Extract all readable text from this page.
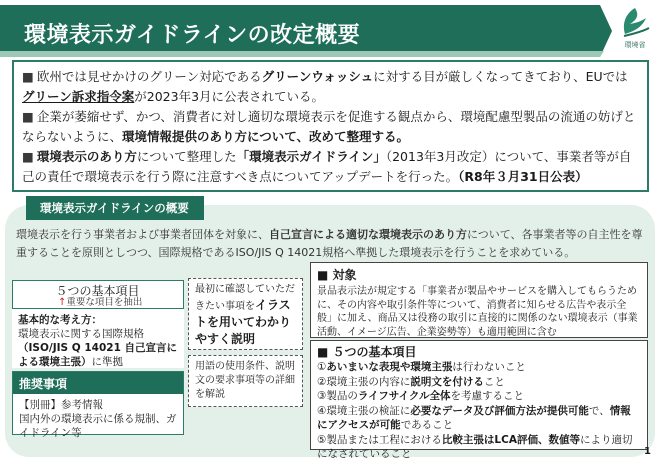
環境表示ガイドラインの改定概要	環境省
■ 欧州では見せかけのグリーン対応であるグリーンウォッシュに対する目が厳しくなってきており、EUではグリーン訴求指令案が2023年3月に公表されている。
■ 企業が萎縮せず、かつ、消費者に対し適切な環境表示を促進する観点から、環境配慮型製品の流通の妨げとならないように、環境情報提供のあり方について、改めて整理する。
■ 環境表示のあり方について整理した「環境表示ガイドライン」（2013年3月改定）について、事業者等が自己の責任で環境表示を行う際に注意すべき点についてアップデートを行った。（R8年３月31日公表）
環境表示ガイドラインの概要
環境表示を行う事業者および事業者団体を対象に、自己宣言による適切な環境表示のあり方について、各事業者等の自主性を尊重することを原則としつつ、国際規格であるISO/JIS Q 14021規格へ準拠した環境表示を行うことを求めている。
５つの基本項目
↑重要な項目を抽出
基本的な考え方：
環境表示に関する国際規格
（ISO/JIS Q 14021 自己宣言による環境主張）に準拠
推奨事項
【別冊】参考情報
国内外の環境表示に係る規制、ガイドライン等
最初に確認していただきたい事項をイラストを用いてわかりやすく説明
用語の使用条件、説明文の要求事項等の詳細を解説
■ 対象
景品表示法が規定する「事業者が製品やサービスを購入してもらうために、その内容や取引条件等について、消費者に知らせる広告や表示全般」に加え、商品又は役務の取引に直接的に関係のない環境表示（事業活動、イメージ広告、企業姿勢等）も適用範囲に含む
■ ５つの基本項目
①あいまいな表現や環境主張は行わないこと
②環境主張の内容に説明文を付けること
③製品のライフサイクル全体を考慮すること
④環境主張の検証に必要なデータ及び評価方法が提供可能で、情報にアクセスが可能であること
⑤製品または工程における比較主張はLCA評価、数値等により適切になされていること	1
